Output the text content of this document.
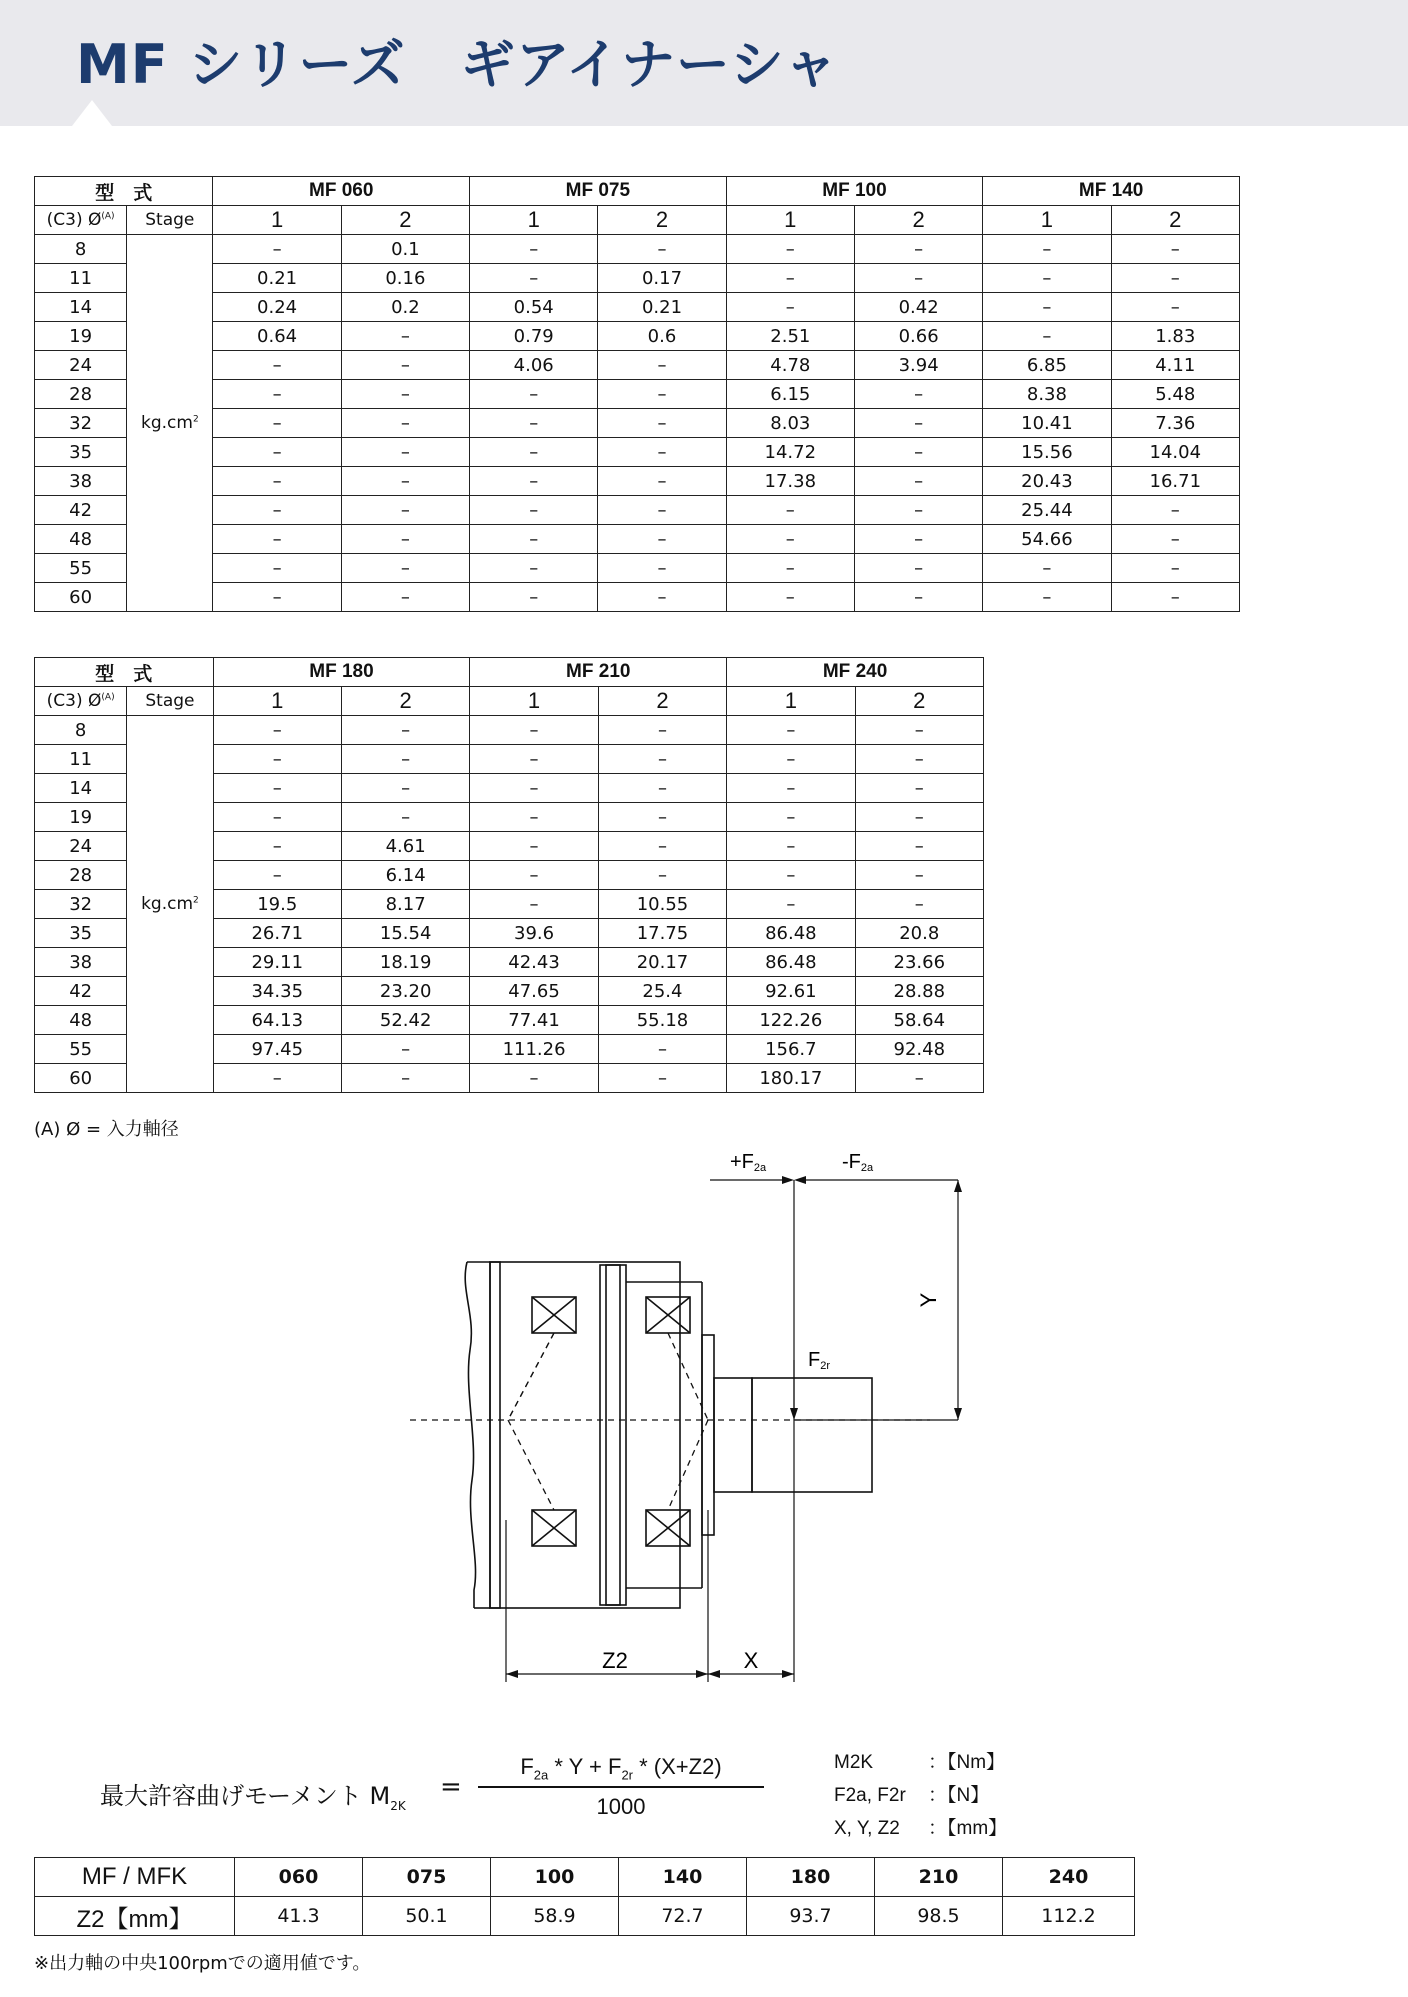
MF シリーズ　ギアイナーシャ
型　式		MF 060		MF 075		MF 100		MF 140	
(C3) $Ø^{(A)}$	Stage	1	2	1	2	1	2	1	2
8	$kg.cm^2$	–	0.1	–	–	–	–	–	–
11		0.21	0.16	–	0.17	–	–	–	–
14		0.24	0.2	0.54	0.21	–	0.42	–	–
19		0.64	–	0.79	0.6	2.51	0.66	–	1.83
24		–	–	4.06	–	4.78	3.94	6.85	4.11
28		–	–	–	–	6.15	–	8.38	5.48
32		–	–	–	–	8.03	–	10.41	7.36
35		–	–	–	–	14.72	–	15.56	14.04
38		–	–	–	–	17.38	–	20.43	16.71
42		–	–	–	–	–	–	25.44	–
48		–	–	–	–	–	–	54.66	–
55		–	–	–	–	–	–	–	–
60		–	–	–	–	–	–	–	–
型　式		MF 180		MF 210		MF 240	
(C3) $Ø^{(A)}$	Stage	1	2	1	2	1	2
8	$kg.cm^2$	–	–	–	–	–	–
11		–	–	–	–	–	–
14		–	–	–	–	–	–
19		–	–	–	–	–	–
24		–	4.61	–	–	–	–
28		–	6.14	–	–	–	–
32		19.5	8.17	–	10.55	–	–
35		26.71	15.54	39.6	17.75	86.48	20.8
38		29.11	18.19	42.43	20.17	86.48	23.66
42		34.35	23.20	47.65	25.4	92.61	28.88
48		64.13	52.42	77.41	55.18	122.26	58.64
55		97.45	–	111.26	–	156.7	92.48
60		–	–	–	–	180.17	–
(A) Ø = 入力軸径
+F2a	-F2a
F2r
Y
Z2	X
最大許容曲げモーメント $M_{2K}$
=
$F_{2a} * Y + F_{2r} * (X+Z2)$
1000
M2K	：【Nm】
F2a, F2r ：【N】
X, Y, Z2 ：【mm】
MF / MFK	060	075	100	140	180	210	240
Z2【mm】	41.3	50.1	58.9	72.7	93.7	98.5	112.2
※出力軸の中央100rpmでの適用値です。
